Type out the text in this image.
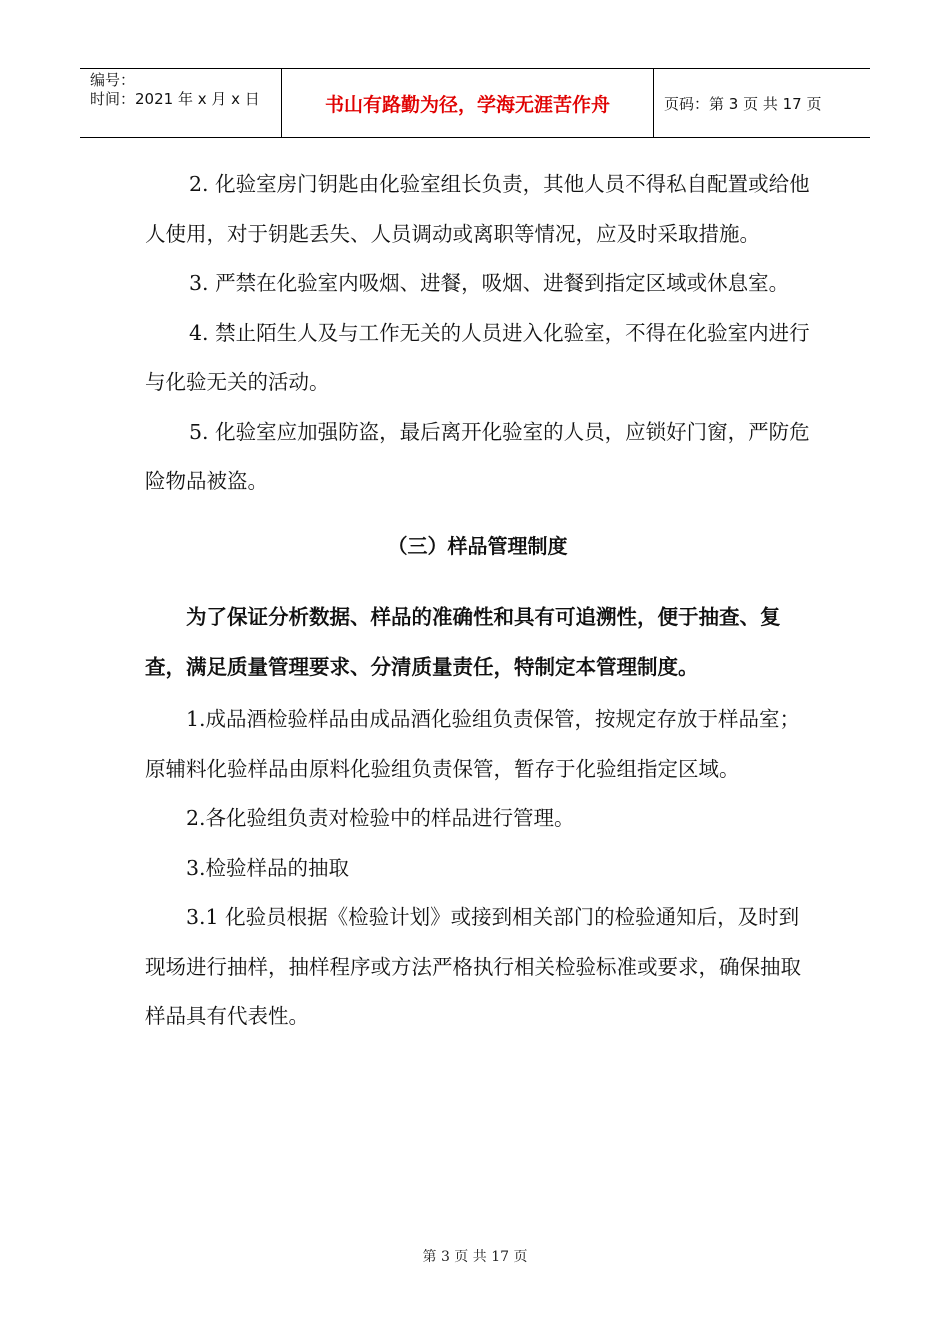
编号：
时间：2021 年 x 月 x 日	书山有路勤为径，学海无涯苦作舟	页码：第 3 页 共 17 页

2. 化验室房门钥匙由化验室组长负责，其他人员不得私自配置或给他人使用，对于钥匙丢失、人员调动或离职等情况，应及时采取措施。

3. 严禁在化验室内吸烟、进餐，吸烟、进餐到指定区域或休息室。

4. 禁止陌生人及与工作无关的人员进入化验室，不得在化验室内进行与化验无关的活动。

5. 化验室应加强防盗，最后离开化验室的人员，应锁好门窗，严防危险物品被盗。

（三）样品管理制度

为了保证分析数据、样品的准确性和具有可追溯性，便于抽查、复查，满足质量管理要求、分清质量责任，特制定本管理制度。

1.成品酒检验样品由成品酒化验组负责保管，按规定存放于样品室；原辅料化验样品由原料化验组负责保管，暂存于化验组指定区域。

2.各化验组负责对检验中的样品进行管理。

3.检验样品的抽取

3.1 化验员根据《检验计划》或接到相关部门的检验通知后，及时到现场进行抽样，抽样程序或方法严格执行相关检验标准或要求，确保抽取样品具有代表性。

第 3 页 共 17 页
